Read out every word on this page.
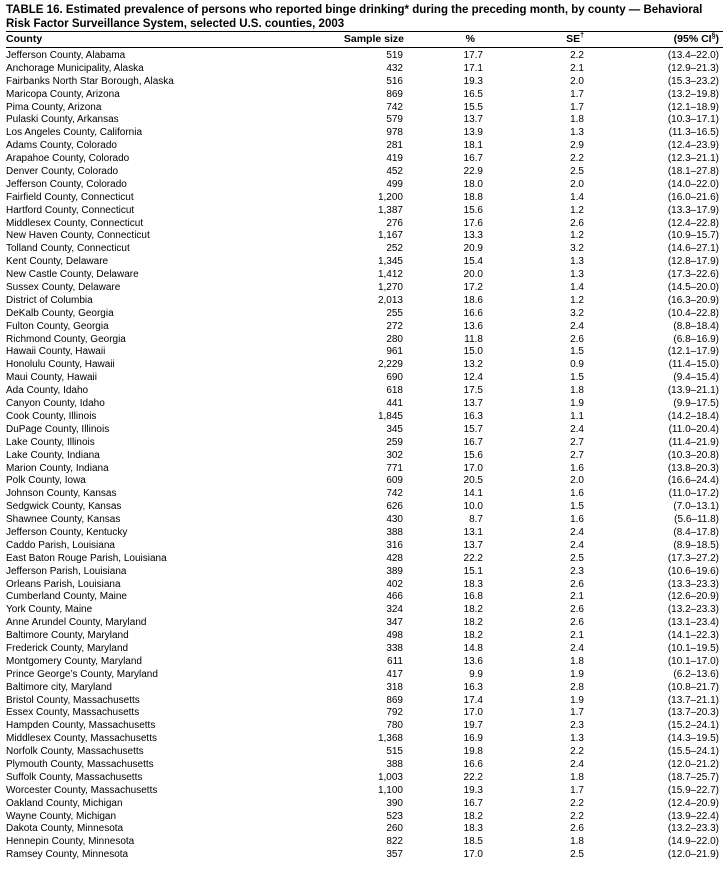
TABLE 16. Estimated prevalence of persons who reported binge drinking* during the preceding month, by county — Behavioral Risk Factor Surveillance System, selected U.S. counties, 2003
County	Sample size	%	SE†	(95% CI§)
Jefferson County, Alabama	519	17.7	2.2	(13.4–22.0)
Anchorage Municipality, Alaska	432	17.1	2.1	(12.9–21.3)
Fairbanks North Star Borough, Alaska	516	19.3	2.0	(15.3–23.2)
Maricopa County, Arizona	869	16.5	1.7	(13.2–19.8)
Pima County, Arizona	742	15.5	1.7	(12.1–18.9)
Pulaski County, Arkansas	579	13.7	1.8	(10.3–17.1)
Los Angeles County, California	978	13.9	1.3	(11.3–16.5)
Adams County, Colorado	281	18.1	2.9	(12.4–23.9)
Arapahoe County, Colorado	419	16.7	2.2	(12.3–21.1)
Denver County, Colorado	452	22.9	2.5	(18.1–27.8)
Jefferson County, Colorado	499	18.0	2.0	(14.0–22.0)
Fairfield County, Connecticut	1,200	18.8	1.4	(16.0–21.6)
Hartford County, Connecticut	1,387	15.6	1.2	(13.3–17.9)
Middlesex County, Connecticut	276	17.6	2.6	(12.4–22.8)
New Haven County, Connecticut	1,167	13.3	1.2	(10.9–15.7)
Tolland County, Connecticut	252	20.9	3.2	(14.6–27.1)
Kent County, Delaware	1,345	15.4	1.3	(12.8–17.9)
New Castle County, Delaware	1,412	20.0	1.3	(17.3–22.6)
Sussex County, Delaware	1,270	17.2	1.4	(14.5–20.0)
District of Columbia	2,013	18.6	1.2	(16.3–20.9)
DeKalb County, Georgia	255	16.6	3.2	(10.4–22.8)
Fulton County, Georgia	272	13.6	2.4	(8.8–18.4)
Richmond County, Georgia	280	11.8	2.6	(6.8–16.9)
Hawaii County, Hawaii	961	15.0	1.5	(12.1–17.9)
Honolulu County, Hawaii	2,229	13.2	0.9	(11.4–15.0)
Maui County, Hawaii	690	12.4	1.5	(9.4–15.4)
Ada County, Idaho	618	17.5	1.8	(13.9–21.1)
Canyon County, Idaho	441	13.7	1.9	(9.9–17.5)
Cook County, Illinois	1,845	16.3	1.1	(14.2–18.4)
DuPage County, Illinois	345	15.7	2.4	(11.0–20.4)
Lake County, Illinois	259	16.7	2.7	(11.4–21.9)
Lake County, Indiana	302	15.6	2.7	(10.3–20.8)
Marion County, Indiana	771	17.0	1.6	(13.8–20.3)
Polk County, Iowa	609	20.5	2.0	(16.6–24.4)
Johnson County, Kansas	742	14.1	1.6	(11.0–17.2)
Sedgwick County, Kansas	626	10.0	1.5	(7.0–13.1)
Shawnee County, Kansas	430	8.7	1.6	(5.6–11.8)
Jefferson County, Kentucky	388	13.1	2.4	(8.4–17.8)
Caddo Parish, Louisiana	316	13.7	2.4	(8.9–18.5)
East Baton Rouge Parish, Louisiana	428	22.2	2.5	(17.3–27.2)
Jefferson Parish, Louisiana	389	15.1	2.3	(10.6–19.6)
Orleans Parish, Louisiana	402	18.3	2.6	(13.3–23.3)
Cumberland County, Maine	466	16.8	2.1	(12.6–20.9)
York County, Maine	324	18.2	2.6	(13.2–23.3)
Anne Arundel County, Maryland	347	18.2	2.6	(13.1–23.4)
Baltimore County, Maryland	498	18.2	2.1	(14.1–22.3)
Frederick County, Maryland	338	14.8	2.4	(10.1–19.5)
Montgomery County, Maryland	611	13.6	1.8	(10.1–17.0)
Prince George’s County, Maryland	417	9.9	1.9	(6.2–13.6)
Baltimore city, Maryland	318	16.3	2.8	(10.8–21.7)
Bristol County, Massachusetts	869	17.4	1.9	(13.7–21.1)
Essex County, Massachusetts	792	17.0	1.7	(13.7–20.3)
Hampden County, Massachusetts	780	19.7	2.3	(15.2–24.1)
Middlesex County, Massachusetts	1,368	16.9	1.3	(14.3–19.5)
Norfolk County, Massachusetts	515	19.8	2.2	(15.5–24.1)
Plymouth County, Massachusetts	388	16.6	2.4	(12.0–21.2)
Suffolk County, Massachusetts	1,003	22.2	1.8	(18.7–25.7)
Worcester County, Massachusetts	1,100	19.3	1.7	(15.9–22.7)
Oakland County, Michigan	390	16.7	2.2	(12.4–20.9)
Wayne County, Michigan	523	18.2	2.2	(13.9–22.4)
Dakota County, Minnesota	260	18.3	2.6	(13.2–23.3)
Hennepin County, Minnesota	822	18.5	1.8	(14.9–22.0)
Ramsey County, Minnesota	357	17.0	2.5	(12.0–21.9)
